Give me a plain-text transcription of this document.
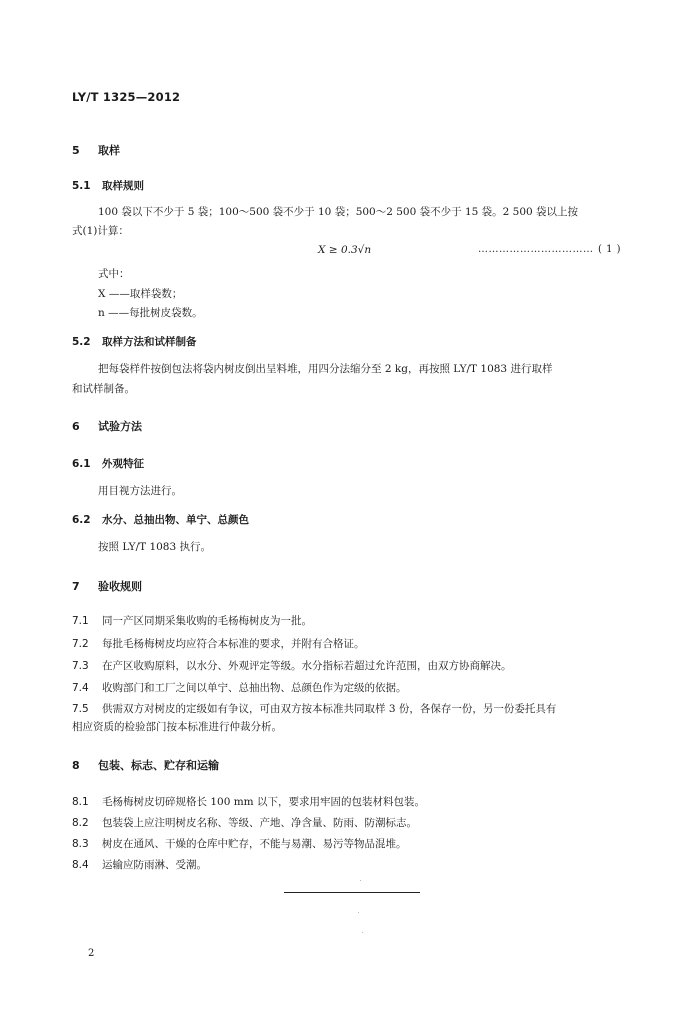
LY/T 1325—2012
5 取样
5.1 取样规则
100 袋以下不少于 5 袋；100～500 袋不少于 10 袋；500～2 500 袋不少于 15 袋。2 500 袋以上按
式(1)计算：
X ≥ 0.3√n	…………………………… ( 1 )
式中：
X ——取样袋数；
n ——每批树皮袋数。
5.2 取样方法和试样制备
把每袋样件按倒包法将袋内树皮倒出呈料堆，用四分法缩分至 2 kg，再按照 LY/T 1083 进行取样
和试样制备。
6 试验方法
6.1 外观特征
用目视方法进行。
6.2 水分、总抽出物、单宁、总颜色
按照 LY/T 1083 执行。
7 验收规则
7.1 同一产区同期采集收购的毛杨梅树皮为一批。
7.2 每批毛杨梅树皮均应符合本标准的要求，并附有合格证。
7.3 在产区收购原料，以水分、外观评定等级。水分指标若超过允许范围，由双方协商解决。
7.4 收购部门和工厂之间以单宁、总抽出物、总颜色作为定级的依据。
7.5 供需双方对树皮的定级如有争议，可由双方按本标准共同取样 3 份，各保存一份，另一份委托具有
相应资质的检验部门按本标准进行仲裁分析。
8 包装、标志、贮存和运输
8.1 毛杨梅树皮切碎规格长 100 mm 以下，要求用牢固的包装材料包装。
8.2 包装袋上应注明树皮名称、等级、产地、净含量、防雨、防潮标志。
8.3 树皮在通风、干燥的仓库中贮存，不能与易潮、易污等物品混堆。
8.4 运输应防雨淋、受潮。
2
